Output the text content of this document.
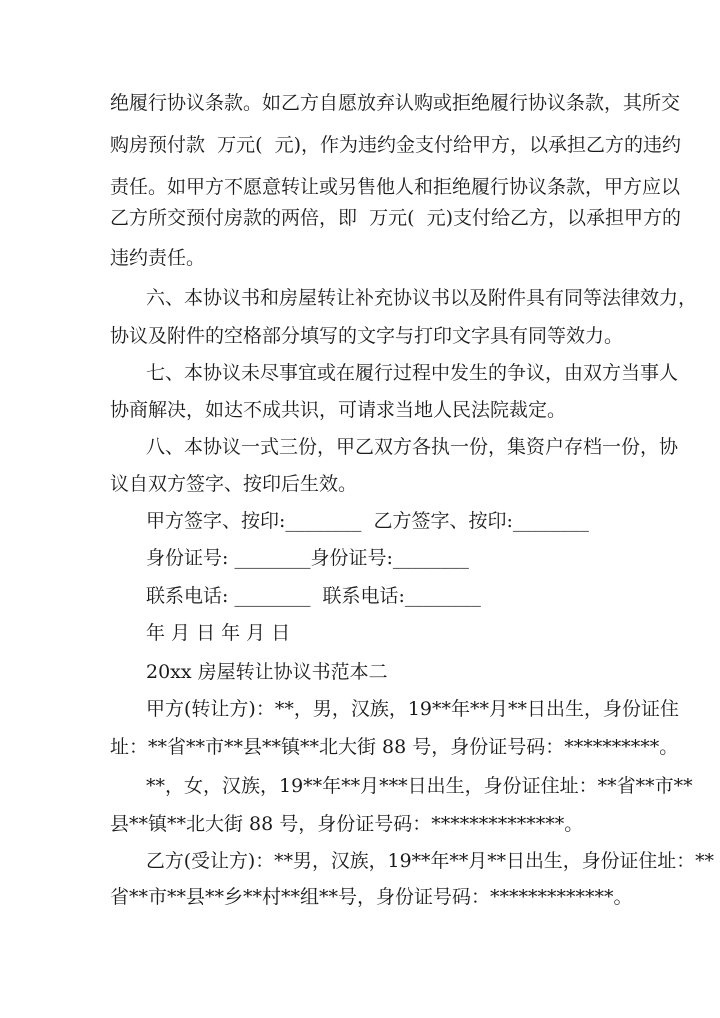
绝履行协议条款。如乙方自愿放弃认购或拒绝履行协议条款，其所交
购房预付款  万元(  元)，作为违约金支付给甲方，以承担乙方的违约
责任。如甲方不愿意转让或另售他人和拒绝履行协议条款，甲方应以
乙方所交预付房款的两倍，即  万元(  元)支付给乙方，以承担甲方的
违约责任。
六、本协议书和房屋转让补充协议书以及附件具有同等法律效力，
协议及附件的空格部分填写的文字与打印文字具有同等效力。
七、本协议未尽事宜或在履行过程中发生的争议，由双方当事人
协商解决，如达不成共识，可请求当地人民法院裁定。
八、本协议一式三份，甲乙双方各执一份，集资户存档一份，协
议自双方签字、按印后生效。
甲方签字、按印:________  乙方签字、按印:________
身份证号: ________身份证号:________
联系电话: ________  联系电话:________
年 月 日 年 月 日
20xx 房屋转让协议书范本二
甲方(转让方)：**，男，汉族，19**年**月**日出生，身份证住
址：**省**市**县**镇**北大街 88 号，身份证号码：**********。
**，女，汉族，19**年**月***日出生，身份证住址：**省**市**
县**镇**北大街 88 号，身份证号码：**************。
乙方(受让方)：**男，汉族，19**年**月**日出生，身份证住址：**
省**市**县**乡**村**组**号，身份证号码：*************。
